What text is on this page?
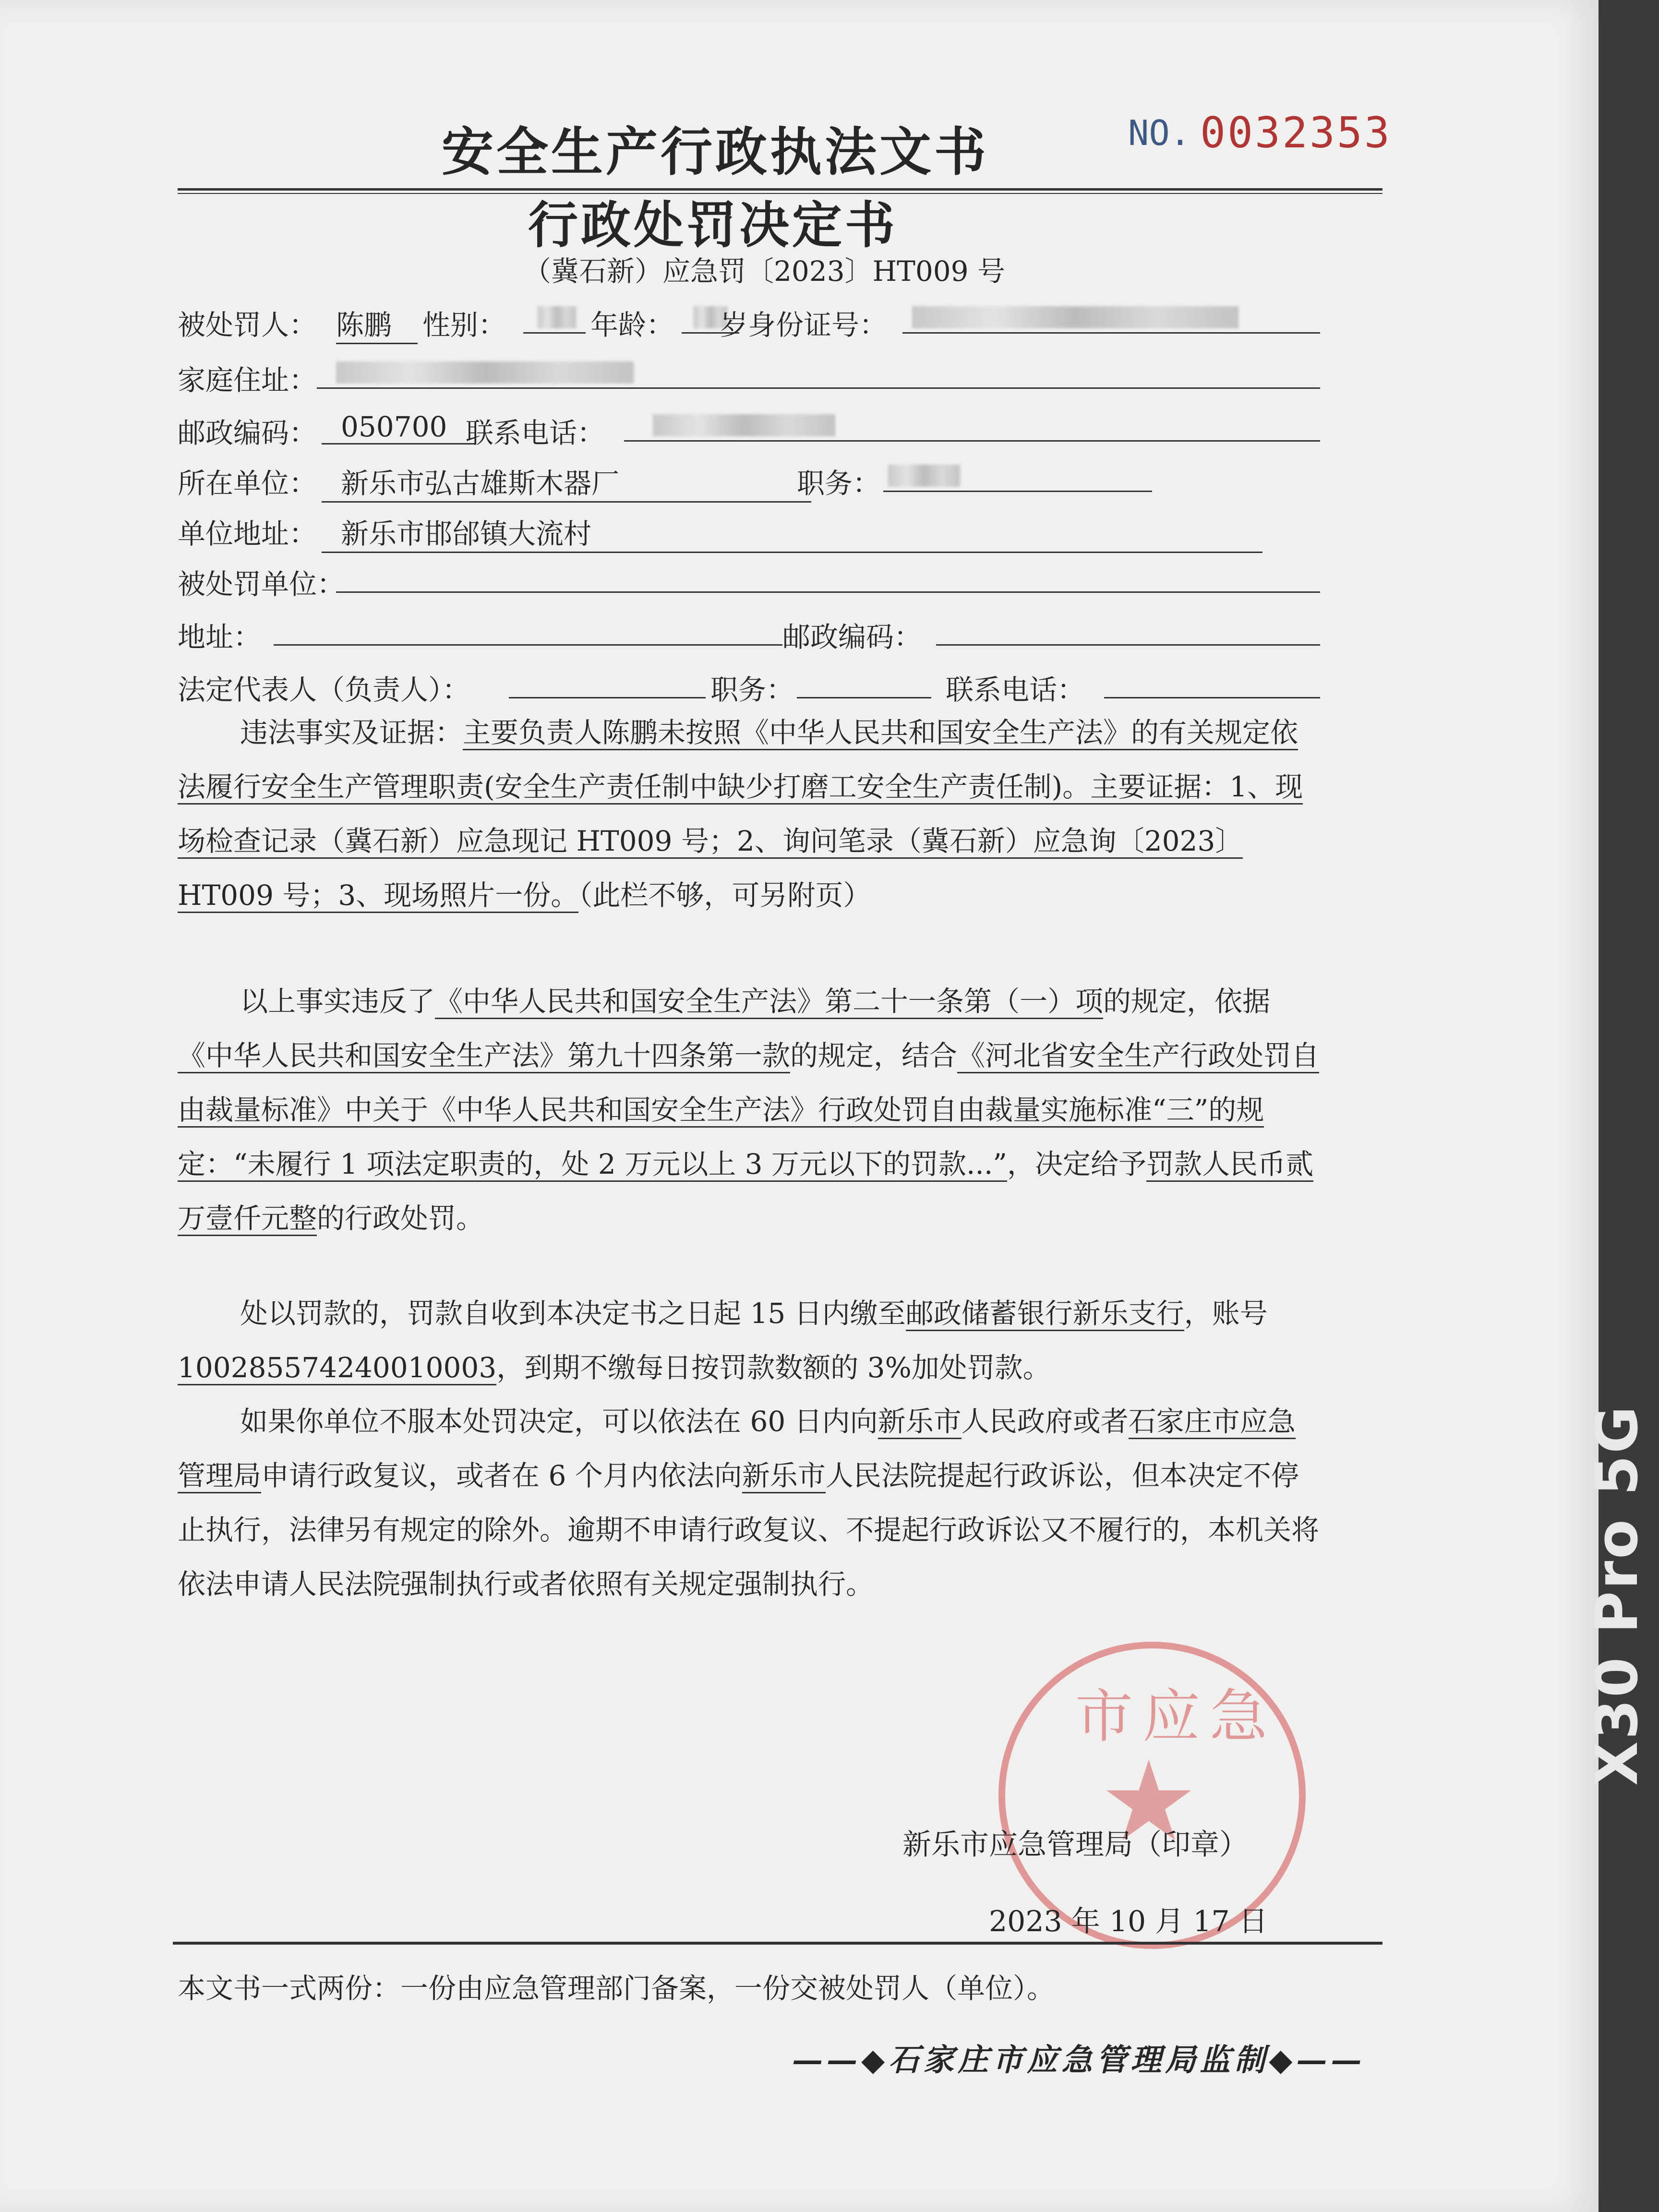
安全生产行政执法文书	NO. 0032353
行政处罚决定书
（冀石新）应急罚〔2023〕HT009 号
被处罚人： 陈鹏	性别：	年龄： 岁身份证号：
家庭住址：
邮政编码： 050700 联系电话：
所在单位： 新乐市弘古雄斯木器厂	职务：
单位地址： 新乐市邯邰镇大流村
被处罚单位：
地址：	邮政编码：
法定代表人（负责人）：	职务：	联系电话：
违法事实及证据：主要负责人陈鹏未按照《中华人民共和国安全生产法》的有关规定依法履行安全生产管理职责(安全生产责任制中缺少打磨工安全生产责任制)。主要证据：1、现场检查记录（冀石新）应急现记 HT009 号；2、询问笔录（冀石新）应急询〔2023〕HT009 号；3、现场照片一份。（此栏不够，可另附页）
以上事实违反了《中华人民共和国安全生产法》第二十一条第（一）项的规定，依据《中华人民共和国安全生产法》第九十四条第一款的规定，结合《河北省安全生产行政处罚自由裁量标准》中关于《中华人民共和国安全生产法》行政处罚自由裁量实施标准“三”的规定：“未履行 1 项法定职责的，处 2 万元以上 3 万元以下的罚款...”，决定给予罚款人民币贰万壹仟元整的行政处罚。
处以罚款的，罚款自收到本决定书之日起 15 日内缴至邮政储蓄银行新乐支行，账号100285574240010003，到期不缴每日按罚款数额的 3%加处罚款。
如果你单位不服本处罚决定，可以依法在 60 日内向新乐市人民政府或者石家庄市应急管理局申请行政复议，或者在 6 个月内依法向新乐市人民法院提起行政诉讼，但本决定不停止执行，法律另有规定的除外。逾期不申请行政复议、不提起行政诉讼又不履行的，本机关将依法申请人民法院强制执行或者依照有关规定强制执行。
市应急
★
新乐市应急管理局（印章）
2023 年 10 月 17 日
本文书一式两份：一份由应急管理部门备案，一份交被处罚人（单位）。
——◆石家庄市应急管理局监制◆——
X30 Pro 5G
